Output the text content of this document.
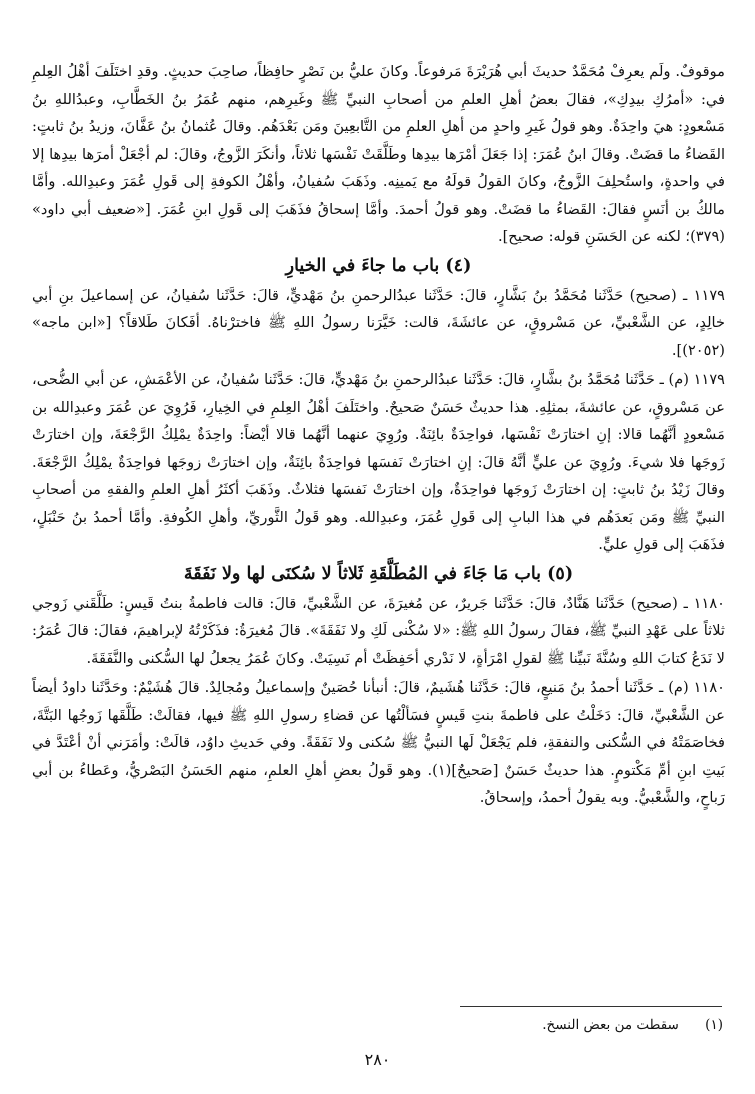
موقوفٌ. ولَم يعرِفْ مُحَمَّدٌ حديثَ أبي هُرَيْرَةَ مَرفوعاً. وكانَ عليُّ بن نَصْرٍ حافِظاً، صاحِبَ حديثٍ. وقدِ اختَلَفَ أهْلُ العِلمِ في: «أمرُكِ بيدِكِ»، فقالَ بعضُ أهلِ العلمِ من أصحابِ النبيِّ ﷺ وغَيرِهم، منهم عُمَرُ بنُ الخَطَّابِ، وعبدُاللهِ بنُ مَسْعودٍ: هيَ واحِدَةٌ. وهو قولُ غَيرِ واحدٍ من أهلِ العلمِ من التَّابعِينَ ومَن بَعْدَهُم. وقالَ عُثمانُ بنُ عَفَّانَ، وزيدُ بنُ ثابتٍ: القَضاءُ ما قضَتْ. وقالَ ابنُ عُمَرَ: إذا جَعَلَ أمْرَها بيدِها وطَلَّقَتْ نَفْسَها ثلاثاً، وأنكَرَ الزَّوجُ، وقالَ: لم أجْعَلْ أمرَها بيدِها إلا في واحدةٍ، واستُحلِفَ الزَّوجُ، وكانَ القولُ قولَهُ مع يَمينِه. وذَهَبَ سُفيانُ، وأهْلُ الكوفةِ إلى قَولِ عُمَرَ وعبدِالله. وأمَّا مالكُ بن أنَسٍ فقالَ: القَضاءُ ما قضَتْ. وهو قولُ أحمدَ. وأمَّا إسحاقُ فذَهَبَ إلى قَولِ ابنِ عُمَرَ. [«ضعيف أبي داود» (٣٧٩)؛ لكنه عن الحَسَنِ قوله: صحيح].

(٤) باب ما جاءَ في الخيارِ

١١٧٩ ـ (صحيح) حَدَّثَنا مُحَمَّدُ بنُ بَشَّارٍ، قالَ: حَدَّثَنا عبدُالرحمنِ بنُ مَهْديٍّ، قالَ: حَدَّثَنا سُفيانُ، عن إسماعيلَ بنِ أبي خالِدٍ، عن الشَّعْبيِّ، عن مَسْروقٍ، عن عائشَةَ، قالت: خَيَّرَنا رسولُ اللهِ ﷺ فاخترْناهُ. أفَكانَ طَلاقاً؟ [«ابن ماجه» (٢٠٥٢)].

١١٧٩ (م) ـ حَدَّثَنا مُحَمَّدُ بنُ بشَّارٍ، قالَ: حَدَّثَنا عبدُالرحمنِ بنُ مَهْديٍّ، قالَ: حَدَّثَنا سُفيانُ، عن الأعْمَشِ، عن أبي الضُّحى، عن مَسْروقٍ، عن عائشةَ، بمثلِهِ. هذا حديثٌ حَسَنٌ صَحيحٌ. واختَلَفَ أهْلُ العِلمِ في الخِيارِ، فَرُوِيَ عن عُمَرَ وعبدِالله بن مَسْعودٍ أنَّهُما قالا: إنِ اختارَتْ نَفْسَها، فواحِدَةٌ بائِنَةٌ. ورُوِيَ عنهما أنَّهُما قالا أيْضاً: واحِدَةٌ يمْلِكُ الرَّجْعَةَ، وإن اختارَتْ زَوجَها فلا شيءَ. ورُوِيَ عن عليٍّ أنَّهُ قالَ: إنِ اختارَتْ نَفسَها فواحِدَةٌ بائِنَةٌ، وإن اختارَتْ زوجَها فواحِدَةٌ يمْلِكُ الرَّجْعَةَ. وقالَ زَيْدُ بنُ ثابتٍ: إن اختارَتْ زَوجَها فواحِدَةٌ، وإن اختارَتْ نَفسَها فثلاثٌ. وذَهَبَ أكثَرُ أهلِ العلمِ والفقهِ من أصحابِ النبيِّ ﷺ ومَن بَعدَهُم في هذا البابِ إلى قَولِ عُمَرَ، وعبدِالله. وهو قَولُ الثَّوريِّ، وأهلِ الكُوفةِ. وأمَّا أحمدُ بنُ حَنْبَلٍ، فذَهَبَ إلى قولِ عليٍّ.

(٥) باب مَا جَاءَ في المُطَلَّقَةِ ثَلاثاً لا سُكنَى لها ولا نَفَقَةَ

١١٨٠ ـ (صحيح) حَدَّثَنا هَنَّادٌ، قالَ: حَدَّثَنا جَريرٌ، عن مُغيرَةَ، عن الشَّعْبيِّ، قالَ: قالت فاطمةُ بنتُ قَيسٍ: طَلَّقَني زَوجي ثلاثاً على عَهْدِ النبيِّ ﷺ، فقالَ رسولُ اللهِ ﷺ: «لا سُكْنى لَكِ ولا نَفَقَةَ». قالَ مُغيرَةُ: فذَكَرْتُهُ لإبراهيمَ، فقالَ: قالَ عُمَرُ: لا نَدَعُ كتابَ اللهِ وسُنَّةَ نَبيِّنا ﷺ لقولِ امْرَأةٍ، لا نَدْري أحَفِظَتْ أم نَسِيَتْ. وكانَ عُمَرُ يجعلُ لها السُّكنى والنَّفَقَةَ.

١١٨٠ (م) ـ حَدَّثَنا أحمدُ بنُ مَنيعٍ، قالَ: حَدَّثَنا هُشَيمٌ، قالَ: أنبأنا حُصَينٌ وإسماعيلُ ومُجالِدٌ. قالَ هُشَيْمٌ: وحَدَّثَنا داودُ أيضاً عن الشَّعْبيِّ، قالَ: دَخَلْتُ على فاطمةَ بنتِ قَيسٍ فسَألْتُها عن قضاءِ رسولِ اللهِ ﷺ فيها، فقالَتْ: طَلَّقَها زَوجُها البَتَّةَ، فخاصَمَتْهُ في السُّكنى والنفقةِ، فلم يَجْعَلْ لَها النبيُّ ﷺ سُكنى ولا نَفَقَةً. وفي حَديثِ داوُد، قالَتْ: وأمَرَني أنْ أعْتَدَّ في بَيتِ ابنِ أمِّ مَكْتومٍ. هذا حديثٌ حَسَنٌ [صَحيحٌ](١). وهو قَولُ بعضِ أهلِ العلمِ، منهم الحَسَنُ البَصْريُّ، وعَطاءُ بن أبي رَباحٍ، والشَّعْبيُّ. وبه يقولُ أحمدُ، وإسحاقُ.

(١) سقطت من بعض النسخ.
٢٨٠
